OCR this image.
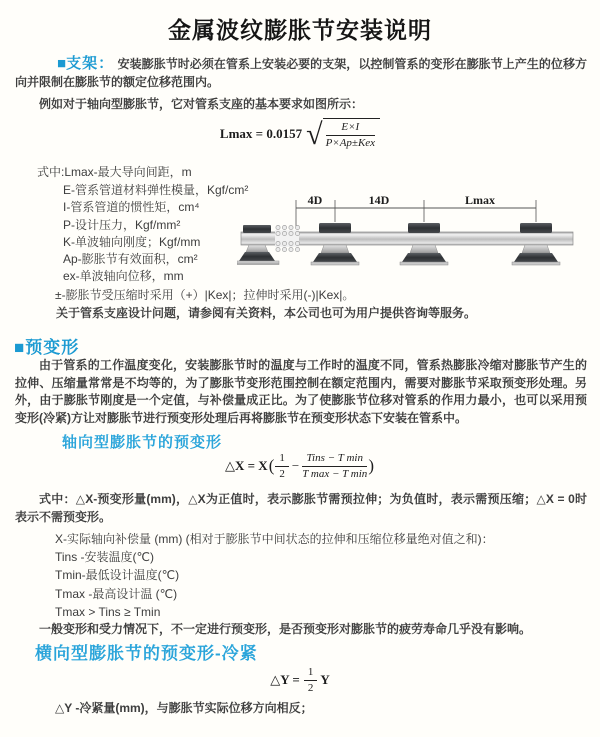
金属波纹膨胀节安装说明

■支架： 安装膨胀节时必须在管系上安装必要的支架，以控制管系的变形在膨胀节上产生的位移方向并限制在膨胀节的额定位移范围内。

例如对于轴向型膨胀节，它对管系支座的基本要求如图所示：

Lmax = 0.0157 √ $\frac{E\times I}{\text{P×Ap±Kex}}$
式中:Lmax-最大导向间距，m
E-管系管道材料弹性模量，Kgf/cm²
I-管系管道的惯性矩，cm⁴
P-设计压力，Kgf/mm²
K-单波轴向刚度；Kgf/mm
Ap-膨胀节有效面积，cm²
ex-单波轴向位移，mm
±-膨胀节受压缩时采用（+）|Kex|；拉伸时采用(-)|Kex|。
关于管系支座设计问题，请参阅有关资料，本公司也可为用户提供咨询等服务。
4D	14D	Lmax
■预变形

由于管系的工作温度变化，安装膨胀节时的温度与工作时的温度不同，管系热膨胀冷缩对膨胀节产生的拉伸、压缩量常常是不均等的，为了膨胀节变形范围控制在额定范围内，需要对膨胀节采取预变形处理。另外，由于膨胀节刚度是一个定值，与补偿量成正比。为了使膨胀节位移对管系的作用力最小，也可以采用预变形(冷紧)方让对膨胀节进行预变形处理后再将膨胀节在预变形状态下安装在管系中。

轴向型膨胀节的预变形
△X = X ( $\frac{1}{2} - \frac{\text{Tins − T min}}{\text{T max − T min}}$ )

式中：△X-预变形量(mm)，△X为正值时，表示膨胀节需预拉伸；为负值时，表示需预压缩；△X = 0时表示不需预变形。

X-实际轴向补偿量 (mm) (相对于膨胀节中间状态的拉伸和压缩位移量绝对值之和)：
Tins -安装温度(℃)
Tmin-最低设计温度(℃)
Tmax -最高设计温 (℃)
Tmax > Tins ≥ Tmin

一般变形和受力情况下，不一定进行预变形，是否预变形对膨胀节的疲劳寿命几乎没有影响。

横向型膨胀节的预变形-冷紧
△Y = $\frac{1}{2}$ Y
△Y -冷紧量(mm)，与膨胀节实际位移方向相反；
